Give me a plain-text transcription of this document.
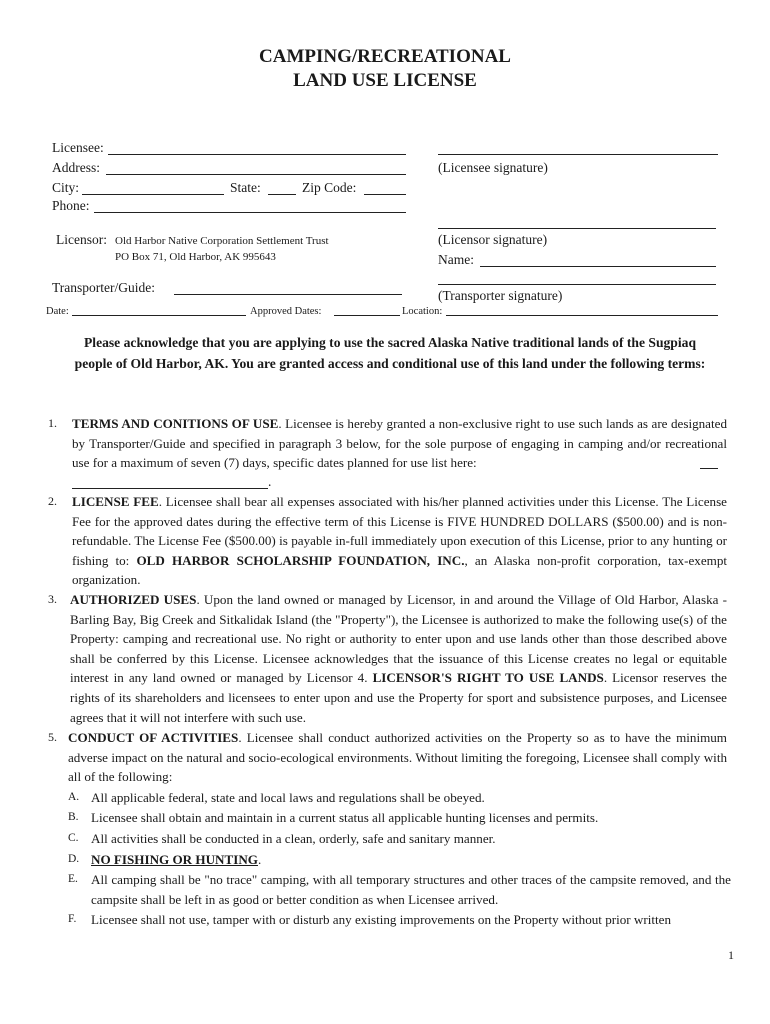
CAMPING/RECREATIONAL
LAND USE LICENSE
Licensee:
Address:
City:	State:	Zip Code:
Phone:
(Licensee signature)
Licensor: Old Harbor Native Corporation Settlement Trust
PO Box 71, Old Harbor, AK 995643
(Licensor signature)
Name:
Transporter/Guide:
(Transporter signature)
Date:	Approved Dates:	Location:
Please acknowledge that you are applying to use the sacred Alaska Native traditional lands of the Sugpiaq people of Old Harbor, AK. You are granted access and conditional use of this land under the following terms:
1. TERMS AND CONITIONS OF USE. Licensee is hereby granted a non-exclusive right to use such lands as are designated by Transporter/Guide and specified in paragraph 3 below, for the sole purpose of engaging in camping and/or recreational use for a maximum of seven (7) days, specific dates planned for use list here:
.
2. LICENSE FEE. Licensee shall bear all expenses associated with his/her planned activities under this License. The License Fee for the approved dates during the effective term of this License is FIVE HUNDRED DOLLARS ($500.00) and is non- refundable. The License Fee ($500.00) is payable in-full immediately upon execution of this License, prior to any hunting or fishing to: OLD HARBOR SCHOLARSHIP FOUNDATION, INC., an Alaska non-profit corporation, tax-exempt organization.
3. AUTHORIZED USES. Upon the land owned or managed by Licensor, in and around the Village of Old Harbor, Alaska - Barling Bay, Big Creek and Sitkalidak Island (the "Property"), the Licensee is authorized to make the following use(s) of the Property: camping and recreational use. No right or authority to enter upon and use lands other than those described above shall be conferred by this License. Licensee acknowledges that the issuance of this License creates no legal or equitable interest in any land owned or managed by Licensor 4. LICENSOR'S RIGHT TO USE LANDS. Licensor reserves the rights of its shareholders and licensees to enter upon and use the Property for sport and subsistence purposes, and Licensee agrees that it will not interfere with such use.
5. CONDUCT OF ACTIVITIES. Licensee shall conduct authorized activities on the Property so as to have the minimum adverse impact on the natural and socio-ecological environments. Without limiting the foregoing, Licensee shall comply with all of the following:
A. All applicable federal, state and local laws and regulations shall be obeyed.
B. Licensee shall obtain and maintain in a current status all applicable hunting licenses and permits.
C. All activities shall be conducted in a clean, orderly, safe and sanitary manner.
D. NO FISHING OR HUNTING.
E. All camping shall be "no trace" camping, with all temporary structures and other traces of the campsite removed, and the campsite shall be left in as good or better condition as when Licensee arrived.
F. Licensee shall not use, tamper with or disturb any existing improvements on the Property without prior written
1
